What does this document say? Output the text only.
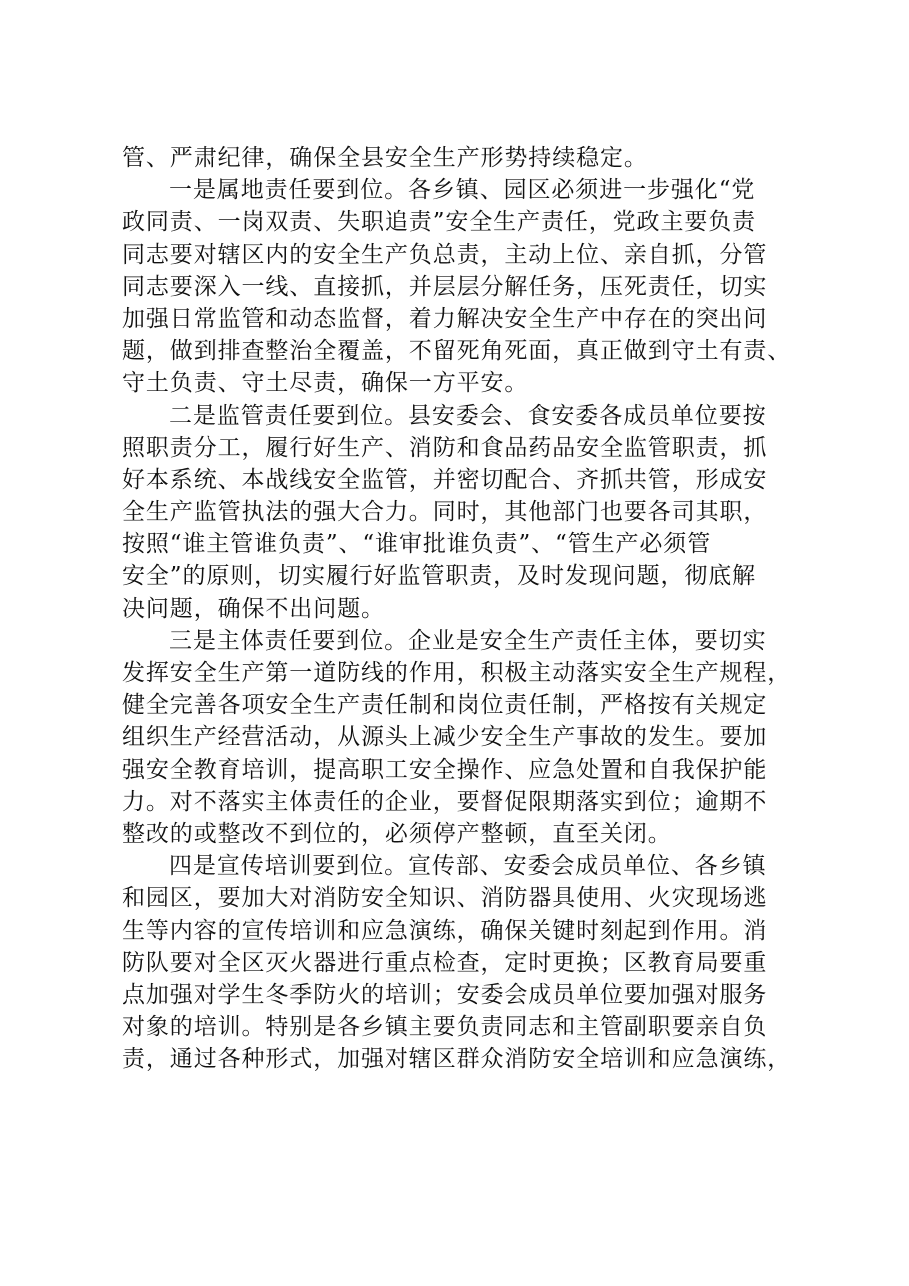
管、严肃纪律，确保全县安全生产形势持续稳定。
一是属地责任要到位。各乡镇、园区必须进一步强化“党
政同责、一岗双责、失职追责”安全生产责任，党政主要负责
同志要对辖区内的安全生产负总责，主动上位、亲自抓，分管
同志要深入一线、直接抓，并层层分解任务，压死责任，切实
加强日常监管和动态监督，着力解决安全生产中存在的突出问
题，做到排查整治全覆盖，不留死角死面，真正做到守土有责、
守土负责、守土尽责，确保一方平安。
二是监管责任要到位。县安委会、食安委各成员单位要按
照职责分工，履行好生产、消防和食品药品安全监管职责，抓
好本系统、本战线安全监管，并密切配合、齐抓共管，形成安
全生产监管执法的强大合力。同时，其他部门也要各司其职，
按照“谁主管谁负责”、“谁审批谁负责”、“管生产必须管
安全”的原则，切实履行好监管职责，及时发现问题，彻底解
决问题，确保不出问题。
三是主体责任要到位。企业是安全生产责任主体，要切实
发挥安全生产第一道防线的作用，积极主动落实安全生产规程，
健全完善各项安全生产责任制和岗位责任制，严格按有关规定
组织生产经营活动，从源头上减少安全生产事故的发生。要加
强安全教育培训，提高职工安全操作、应急处置和自我保护能
力。对不落实主体责任的企业，要督促限期落实到位；逾期不
整改的或整改不到位的，必须停产整顿，直至关闭。
四是宣传培训要到位。宣传部、安委会成员单位、各乡镇
和园区，要加大对消防安全知识、消防器具使用、火灾现场逃
生等内容的宣传培训和应急演练，确保关键时刻起到作用。消
防队要对全区灭火器进行重点检查，定时更换；区教育局要重
点加强对学生冬季防火的培训；安委会成员单位要加强对服务
对象的培训。特别是各乡镇主要负责同志和主管副职要亲自负
责，通过各种形式，加强对辖区群众消防安全培训和应急演练，
